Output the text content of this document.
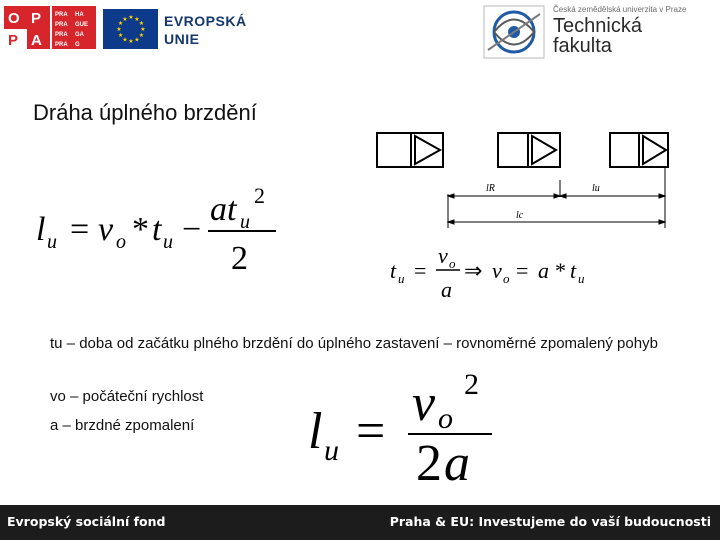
O P
P A
PRA HA
PRA GUE
PRA GA
PRA G
★
★
★
★
★
★
★
★
★ ★ ★
★ EVROPSKÁ
UNIE
Česká zemědělská univerzita v Praze
Technická
fakulta
Dráha úplného brzdění
lR	lu
lc
l u = v o * t u −
at u
2
2	t u =
v o
a
⇒ v o = a * t u
tu – doba od začátku plného brzdění do úplného zastavení – rovnoměrné zpomalený pohyb
vo – počáteční rychlost
a – brzdné zpomalení l u = v o
2
2 a
Evropský sociální fond	Praha & EU: Investujeme do vaší budoucnosti
